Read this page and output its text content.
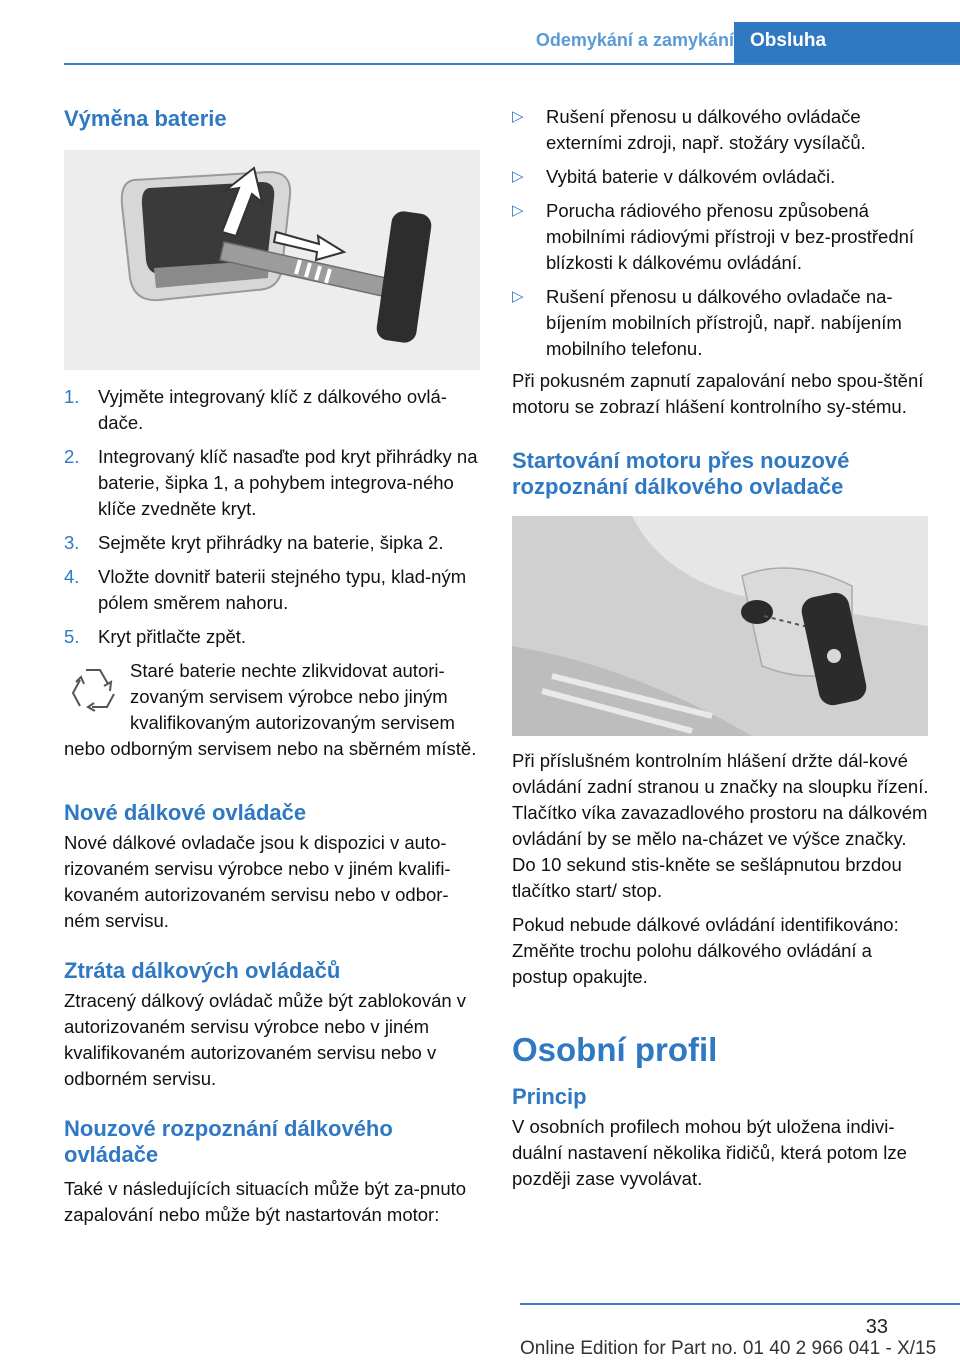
Odemykání a zamykání Obsluha
Výměna baterie
1. Vyjměte integrovaný klíč z dálkového ovlá-dače.
2. Integrovaný klíč nasaďte pod kryt přihrádky na baterie, šipka 1, a pohybem integrova-ného klíče zvedněte kryt.
3. Sejměte kryt přihrádky na baterie, šipka 2.
4. Vložte dovnitř baterii stejného typu, klad-ným pólem směrem nahoru.
5. Kryt přitlačte zpět.

Staré baterie nechte zlikvidovat autori-zovaným servisem výrobce nebo jiným kvalifikovaným autorizovaným servisem nebo odborným servisem nebo na sběrném místě.

Nové dálkové ovládače

Nové dálkové ovladače jsou k dispozici v auto-rizovaném servisu výrobce nebo v jiném kvalifi-kovaném autorizovaném servisu nebo v odbor-ném servisu.

Ztráta dálkových ovládačů

Ztracený dálkový ovládač může být zablokován v autorizovaném servisu výrobce nebo v jiném kvalifikovaném autorizovaném servisu nebo v odborném servisu.

Nouzové rozpoznání dálkového ovládače

Také v následujících situacích může být za-pnuto zapalování nebo může být nastartován motor:

▷ Rušení přenosu u dálkového ovládače externími zdroji, např. stožáry vysílačů.
▷ Vybitá baterie v dálkovém ovládači.
▷ Porucha rádiového přenosu způsobená mobilními rádiovými přístroji v bez-prostřední blízkosti k dálkovému ovládání.
▷ Rušení přenosu u dálkového ovladače na-bíjením mobilních přístrojů, např. nabíjením mobilního telefonu.

Při pokusném zapnutí zapalování nebo spou-štění motoru se zobrazí hlášení kontrolního sy-stému.

Startování motoru přes nouzové rozpoznání dálkového ovladače

Při příslušném kontrolním hlášení držte dál-kové ovládání zadní stranou u značky na sloupku řízení. Tlačítko víka zavazadlového prostoru na dálkovém ovládání by se mělo na-cházet ve výšce značky. Do 10 sekund stis-kněte se sešlápnutou brzdou tlačítko start/ stop.

Pokud nebude dálkové ovládání identifikováno: Změňte trochu polohu dálkového ovládání a postup opakujte.

Osobní profil
Princip

V osobních profilech mohou být uložena indivi-duální nastavení několika řidičů, která potom lze později zase vyvolávat.

33
Online Edition for Part no. 01 40 2 966 041 - X/15
